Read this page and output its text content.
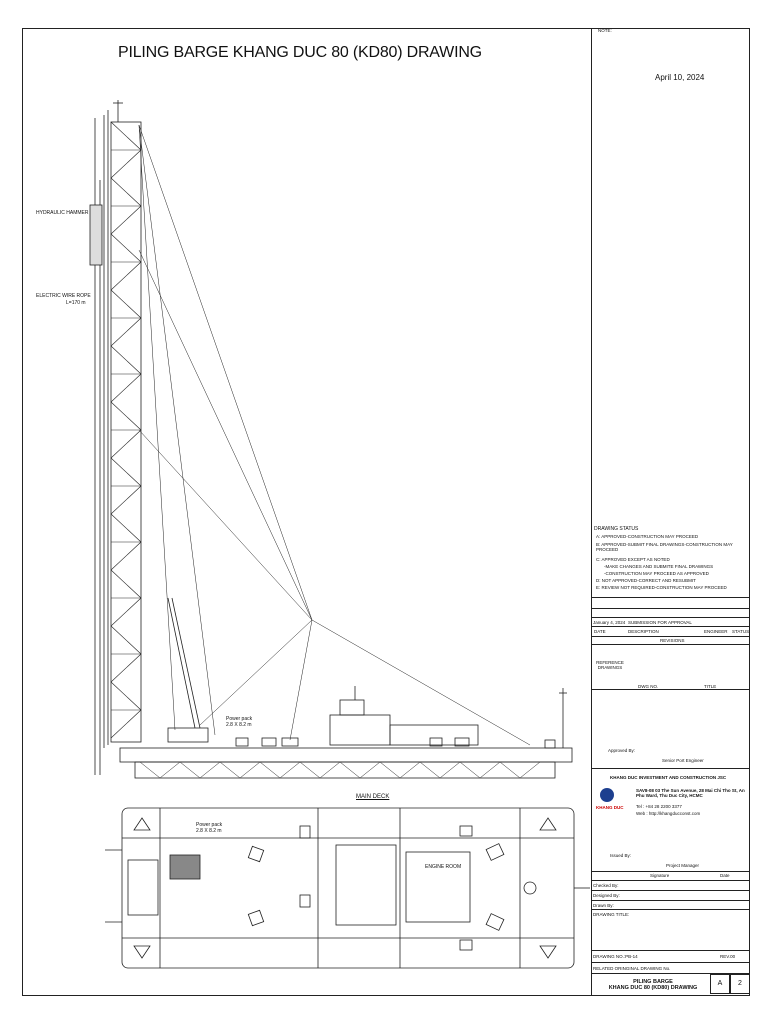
PILING BARGE KHANG DUC 80 (KD80) DRAWING
HYDRAULIC HAMMER
ELECTRIC WIRE ROPE
L=170 m
Power pack
2.8 X 8.2 m
Power pack
2.8 X 8.2 m
MAIN DECK
ENGINE ROOM
NOTE:
DRAWING STATUS
A: APPROVED-CONSTRUCTION MAY PROCEED
B: APPROVED-SUBMIT FINAL DRAWINGS-CONSTRUCTION MAY PROCEED
C: APPROVED EXCEPT AS NOTED
-MAKE CHANGES AND SUBMITE FINAL DRAWINGS
-CONSTRUCTION MAY PROCEED AS APPROVED
D: NOT APPROVED-CORRECT AND RESUBMIT
E: REVIEW NOT REQUIRED-CONSTRUCTION MAY PROCEED
January 4, 2024 SUBMISSION FOR APPROVAL
DATE	DESCRIPTION	ENGINEER STATUS
REVISIONS
REFERENCE DRAWINGS
DWG NO.	TITLE
Approved By:
Senior Port Engineer
KHANG DUC INVESTMENT AND CONSTRUCTION JSC
KHANG DUC
SAV8-08 03 The Sun Avenue, 28 Mai Chi Tho St, An Phu Ward, Thu Duc City, HCMC
Tel : +84 28 2200 3377
Web : http://khangducconst.com
Issued By:
Project Manager
Signature	Date
Checked By:
Designed By:
Drawn By:
DRAWING TITLE:
DRAWING NO.:PB-14	REV.00
RELATED ORINGINAL DRAWING No.
PILING BARGE
KHANG DUC 80 (KD80) DRAWING
A	2
April 10, 2024
